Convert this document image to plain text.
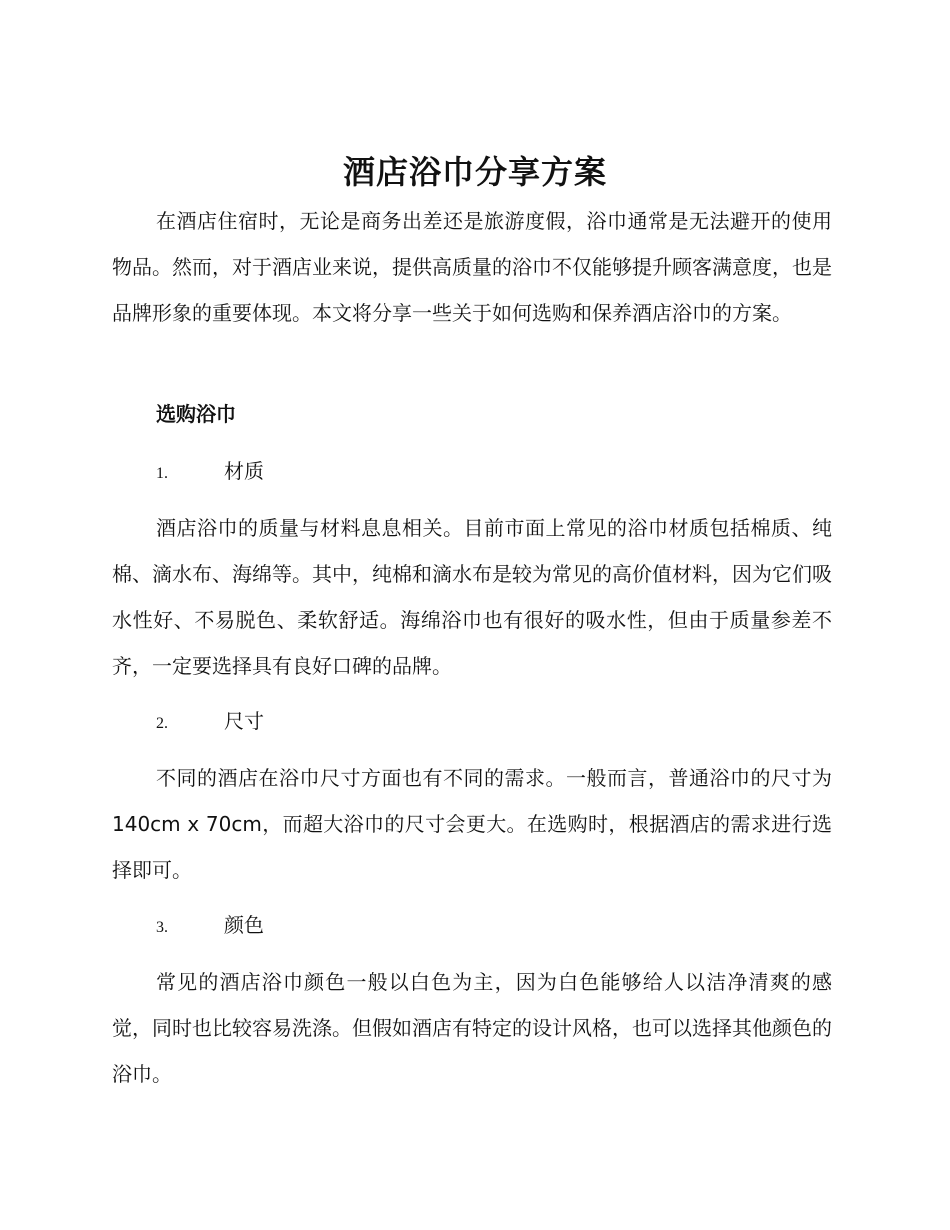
酒店浴巾分享方案

在酒店住宿时，无论是商务出差还是旅游度假，浴巾通常是无法避开的使用物品。然而，对于酒店业来说，提供高质量的浴巾不仅能够提升顾客满意度，也是品牌形象的重要体现。本文将分享一些关于如何选购和保养酒店浴巾的方案。

选购浴巾
1.	材质

酒店浴巾的质量与材料息息相关。目前市面上常见的浴巾材质包括棉质、纯棉、滴水布、海绵等。其中，纯棉和滴水布是较为常见的高价值材料，因为它们吸水性好、不易脱色、柔软舒适。海绵浴巾也有很好的吸水性，但由于质量参差不齐，一定要选择具有良好口碑的品牌。

2.	尺寸

不同的酒店在浴巾尺寸方面也有不同的需求。一般而言，普通浴巾的尺寸为 140cm x 70cm，而超大浴巾的尺寸会更大。在选购时，根据酒店的需求进行选择即可。

3.	颜色

常见的酒店浴巾颜色一般以白色为主，因为白色能够给人以洁净清爽的感觉，同时也比较容易洗涤。但假如酒店有特定的设计风格，也可以选择其他颜色的浴巾。
